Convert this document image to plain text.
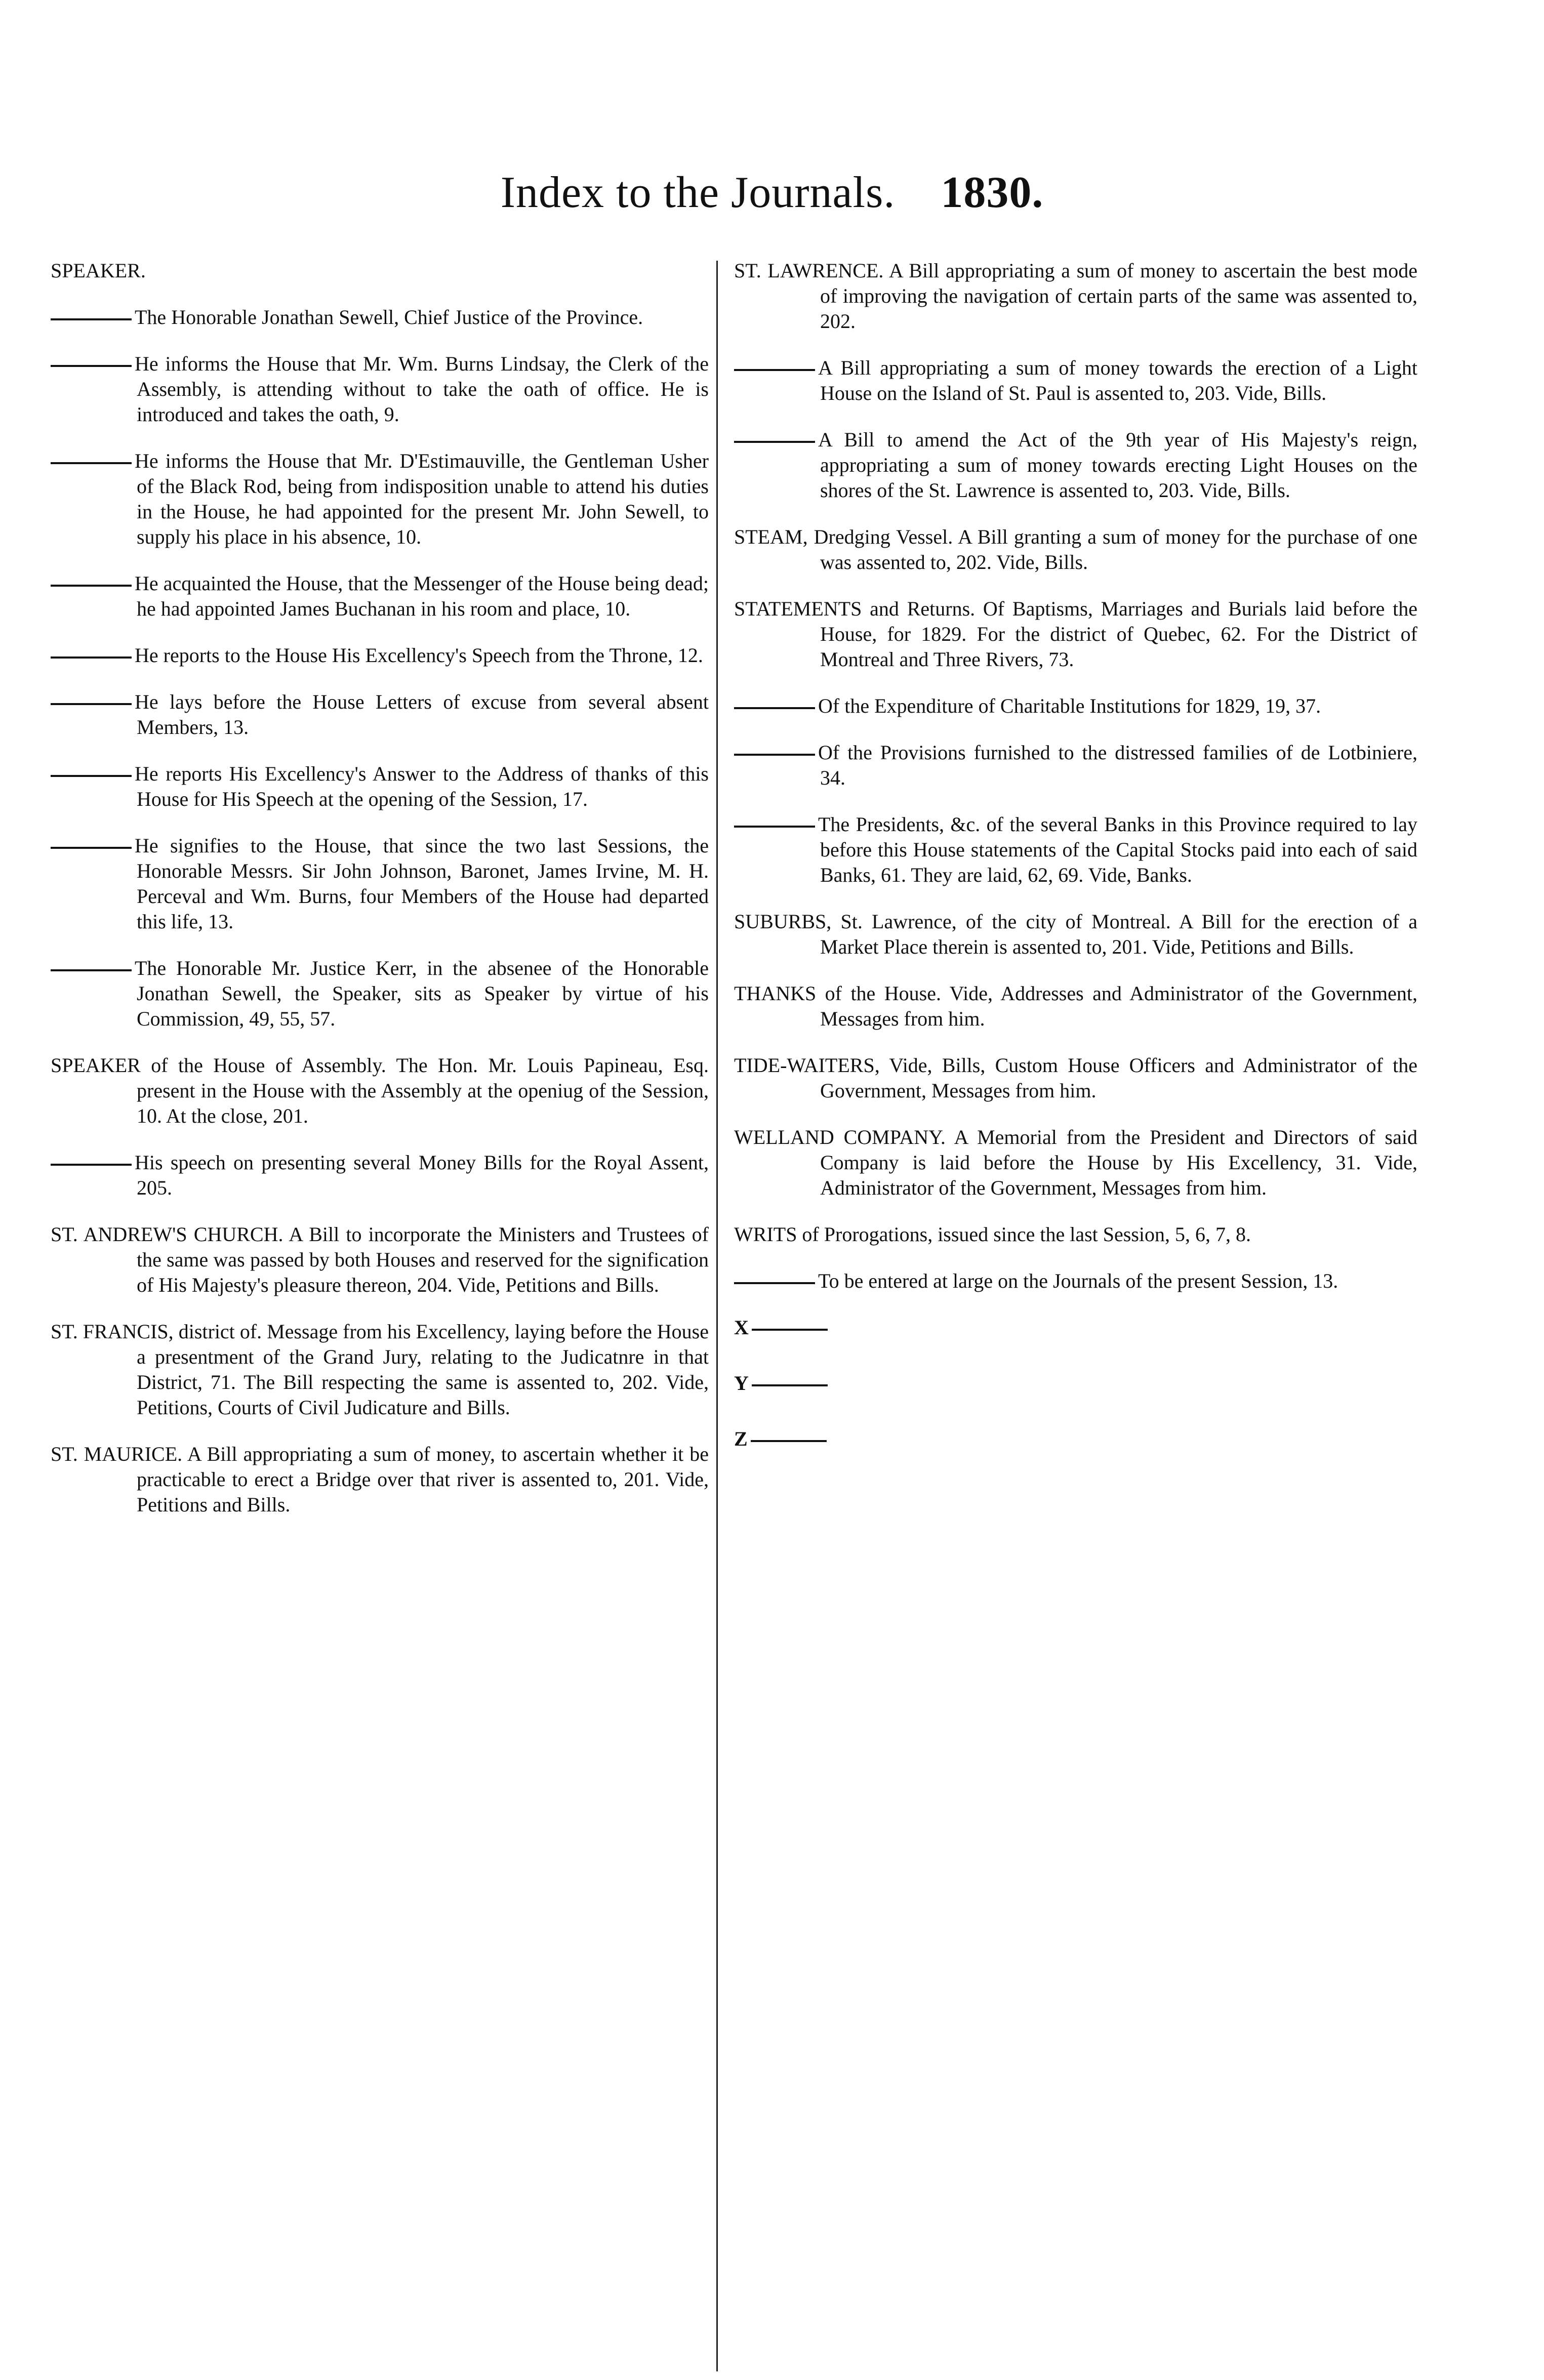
Index to the Journals. 1830.
SPEAKER.
The Honorable Jonathan Sewell, Chief Justice of the Province.
He informs the House that Mr. Wm. Burns Lindsay, the Clerk of the Assembly, is attending without to take the oath of office. He is introduced and takes the oath, 9.
He informs the House that Mr. D'Estimauville, the Gentleman Usher of the Black Rod, being from indisposition unable to attend his duties in the House, he had appointed for the present Mr. John Sewell, to supply his place in his absence, 10.
He acquainted the House, that the Messenger of the House being dead; he had appointed James Buchanan in his room and place, 10.
He reports to the House His Excellency's Speech from the Throne, 12.
He lays before the House Letters of excuse from several absent Members, 13.
He reports His Excellency's Answer to the Address of thanks of this House for His Speech at the opening of the Session, 17.
He signifies to the House, that since the two last Sessions, the Honorable Messrs. Sir John Johnson, Baronet, James Irvine, M. H. Perceval and Wm. Burns, four Members of the House had departed this life, 13.
The Honorable Mr. Justice Kerr, in the absenee of the Honorable Jonathan Sewell, the Speaker, sits as Speaker by virtue of his Commission, 49, 55, 57.
SPEAKER of the House of Assembly. The Hon. Mr. Louis Papineau, Esq. present in the House with the Assembly at the openiug of the Session, 10. At the close, 201.
His speech on presenting several Money Bills for the Royal Assent, 205.
ST. ANDREW'S CHURCH. A Bill to incorporate the Ministers and Trustees of the same was passed by both Houses and reserved for the signification of His Majesty's pleasure thereon, 204. Vide, Petitions and Bills.
ST. FRANCIS, district of. Message from his Excellency, laying before the House a presentment of the Grand Jury, relating to the Judicatnre in that District, 71. The Bill respecting the same is assented to, 202. Vide, Petitions, Courts of Civil Judicature and Bills.
ST. MAURICE. A Bill appropriating a sum of money, to ascertain whether it be practicable to erect a Bridge over that river is assented to, 201. Vide, Petitions and Bills.
ST. LAWRENCE. A Bill appropriating a sum of money to ascertain the best mode of improving the navigation of certain parts of the same was assented to, 202.
A Bill appropriating a sum of money towards the erection of a Light House on the Island of St. Paul is assented to, 203. Vide, Bills.
A Bill to amend the Act of the 9th year of His Majesty's reign, appropriating a sum of money towards erecting Light Houses on the shores of the St. Lawrence is assented to, 203. Vide, Bills.
STEAM, Dredging Vessel. A Bill granting a sum of money for the purchase of one was assented to, 202. Vide, Bills.
STATEMENTS and Returns. Of Baptisms, Marriages and Burials laid before the House, for 1829. For the district of Quebec, 62. For the District of Montreal and Three Rivers, 73.
Of the Expenditure of Charitable Institutions for 1829, 19, 37.
Of the Provisions furnished to the distressed families of de Lotbiniere, 34.
The Presidents, &c. of the several Banks in this Province required to lay before this House statements of the Capital Stocks paid into each of said Banks, 61. They are laid, 62, 69. Vide, Banks.
SUBURBS, St. Lawrence, of the city of Montreal. A Bill for the erection of a Market Place therein is assented to, 201. Vide, Petitions and Bills.
THANKS of the House. Vide, Addresses and Administrator of the Government, Messages from him.
TIDE-WAITERS, Vide, Bills, Custom House Officers and Administrator of the Government, Messages from him.
WELLAND COMPANY. A Memorial from the President and Directors of said Company is laid before the House by His Excellency, 31. Vide, Administrator of the Government, Messages from him.
WRITS of Prorogations, issued since the last Session, 5, 6, 7, 8.
To be entered at large on the Journals of the present Session, 13.
X
Y
Z
